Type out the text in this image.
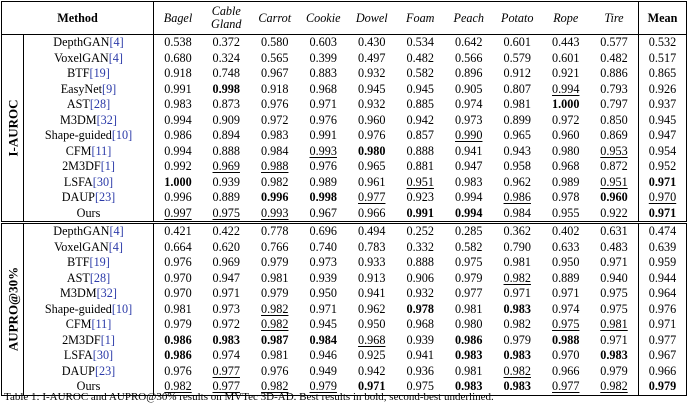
Method		Bagel	Cable Gland	Carrot	Cookie	Dowel	Foam	Peach	Potato	Rope	Tire	Mean

I-AUROC	DepthGAN[4]	0.538	0.372	0.580	0.603	0.430	0.534	0.642	0.601	0.443	0.577	0.532
	VoxelGAN[4]	0.680	0.324	0.565	0.399	0.497	0.482	0.566	0.579	0.601	0.482	0.517
	BTF[19]	0.918	0.748	0.967	0.883	0.932	0.582	0.896	0.912	0.921	0.886	0.865
	EasyNet[9]	0.991	0.998	0.918	0.968	0.945	0.945	0.905	0.807	0.994	0.793	0.926
	AST[28]	0.983	0.873	0.976	0.971	0.932	0.885	0.974	0.981	1.000	0.797	0.937
	M3DM[32]	0.994	0.909	0.972	0.976	0.960	0.942	0.973	0.899	0.972	0.850	0.945
	Shape-guided[10]	0.986	0.894	0.983	0.991	0.976	0.857	0.990	0.965	0.960	0.869	0.947
	CFM[11]	0.994	0.888	0.984	0.993	0.980	0.888	0.941	0.943	0.980	0.953	0.954
	2M3DF[1]	0.992	0.969	0.988	0.976	0.965	0.881	0.947	0.958	0.968	0.872	0.952
	LSFA[30]	1.000	0.939	0.982	0.989	0.961	0.951	0.983	0.962	0.989	0.951	0.971
	DAUP[23]	0.996	0.889	0.996	0.998	0.977	0.923	0.994	0.986	0.978	0.960	0.970
	Ours	0.997	0.975	0.993	0.967	0.966	0.991	0.994	0.984	0.955	0.922	0.971

AUPRO@30%	DepthGAN[4]	0.421	0.422	0.778	0.696	0.494	0.252	0.285	0.362	0.402	0.631	0.474
	VoxelGAN[4]	0.664	0.620	0.766	0.740	0.783	0.332	0.582	0.790	0.633	0.483	0.639
	BTF[19]	0.976	0.969	0.979	0.973	0.933	0.888	0.975	0.981	0.950	0.971	0.959
	AST[28]	0.970	0.947	0.981	0.939	0.913	0.906	0.979	0.982	0.889	0.940	0.944
	M3DM[32]	0.970	0.971	0.979	0.950	0.941	0.932	0.977	0.971	0.971	0.975	0.964
	Shape-guided[10]	0.981	0.973	0.982	0.971	0.962	0.978	0.981	0.983	0.974	0.975	0.976
	CFM[11]	0.979	0.972	0.982	0.945	0.950	0.968	0.980	0.982	0.975	0.981	0.971
	2M3DF[1]	0.986	0.983	0.987	0.984	0.968	0.939	0.986	0.979	0.988	0.971	0.977
	LSFA[30]	0.986	0.974	0.981	0.946	0.925	0.941	0.983	0.983	0.970	0.983	0.967
	DAUP[23]	0.976	0.977	0.976	0.949	0.942	0.936	0.981	0.982	0.966	0.979	0.966
	Ours	0.982	0.977	0.982	0.979	0.971	0.975	0.983	0.983	0.977	0.982	0.979
Table 1: I-AUROC and AUPRO@30% results on MVTec 3D-AD. Best results in bold, second-best underlined.
